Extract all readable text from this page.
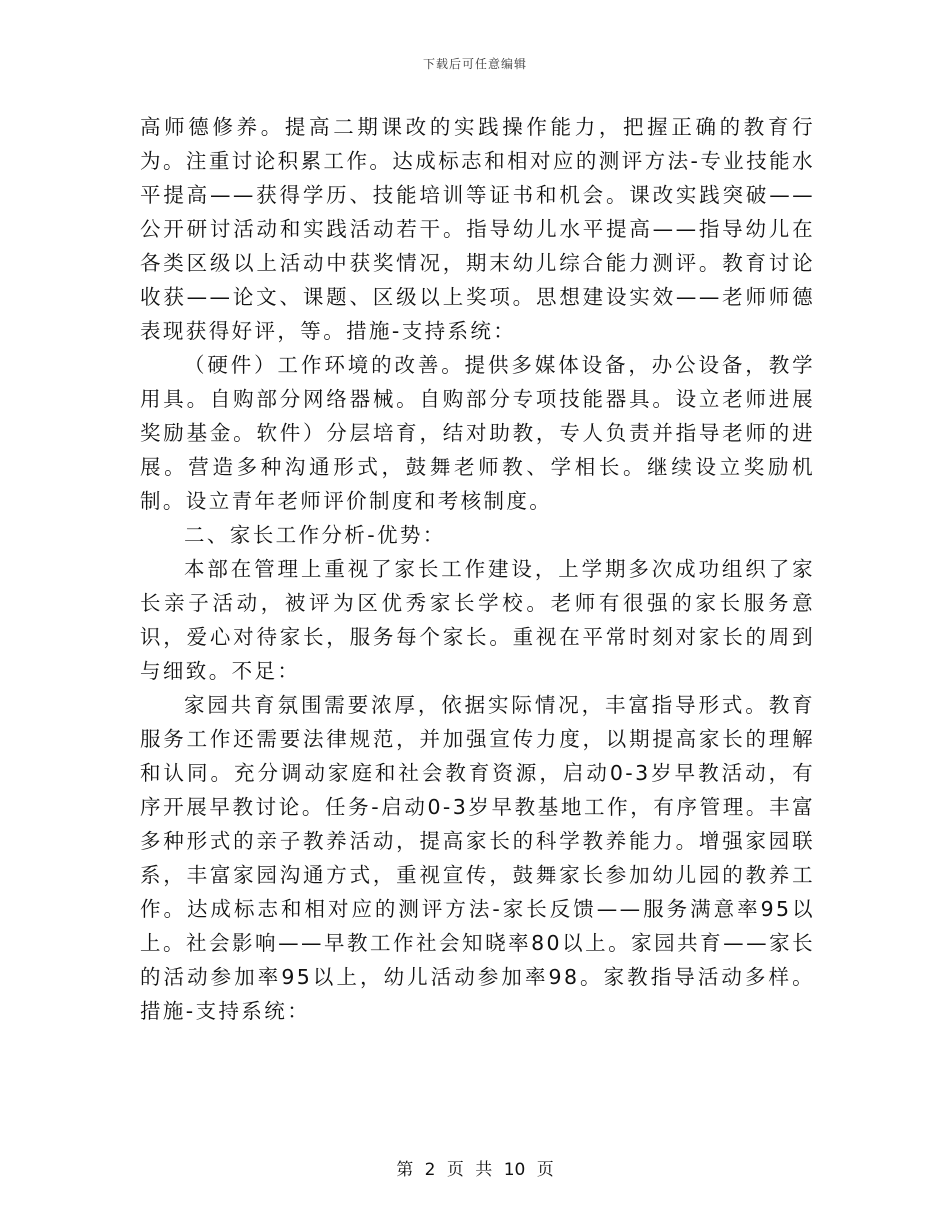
下载后可任意编辑

高师德修养。提高二期课改的实践操作能力，把握正确的教育行为。注重讨论积累工作。达成标志和相对应的测评方法-专业技能水平提高——获得学历、技能培训等证书和机会。课改实践突破——公开研讨活动和实践活动若干。指导幼儿水平提高——指导幼儿在各类区级以上活动中获奖情况，期末幼儿综合能力测评。教育讨论收获——论文、课题、区级以上奖项。思想建设实效——老师师德表现获得好评，等。措施-支持系统：

（硬件）工作环境的改善。提供多媒体设备，办公设备，教学用具。自购部分网络器械。自购部分专项技能器具。设立老师进展奖励基金。软件）分层培育，结对助教，专人负责并指导老师的进展。营造多种沟通形式，鼓舞老师教、学相长。继续设立奖励机制。设立青年老师评价制度和考核制度。

二、家长工作分析-优势：

本部在管理上重视了家长工作建设，上学期多次成功组织了家长亲子活动，被评为区优秀家长学校。老师有很强的家长服务意识，爱心对待家长，服务每个家长。重视在平常时刻对家长的周到与细致。不足：

家园共育氛围需要浓厚，依据实际情况，丰富指导形式。教育服务工作还需要法律规范，并加强宣传力度，以期提高家长的理解和认同。充分调动家庭和社会教育资源，启动0-3岁早教活动，有序开展早教讨论。任务-启动0-3岁早教基地工作，有序管理。丰富多种形式的亲子教养活动，提高家长的科学教养能力。增强家园联系，丰富家园沟通方式，重视宣传，鼓舞家长参加幼儿园的教养工作。达成标志和相对应的测评方法-家长反馈——服务满意率95以上。社会影响——早教工作社会知晓率80以上。家园共育——家长的活动参加率95以上，幼儿活动参加率98。家教指导活动多样。措施-支持系统：

第 2 页 共 10 页
